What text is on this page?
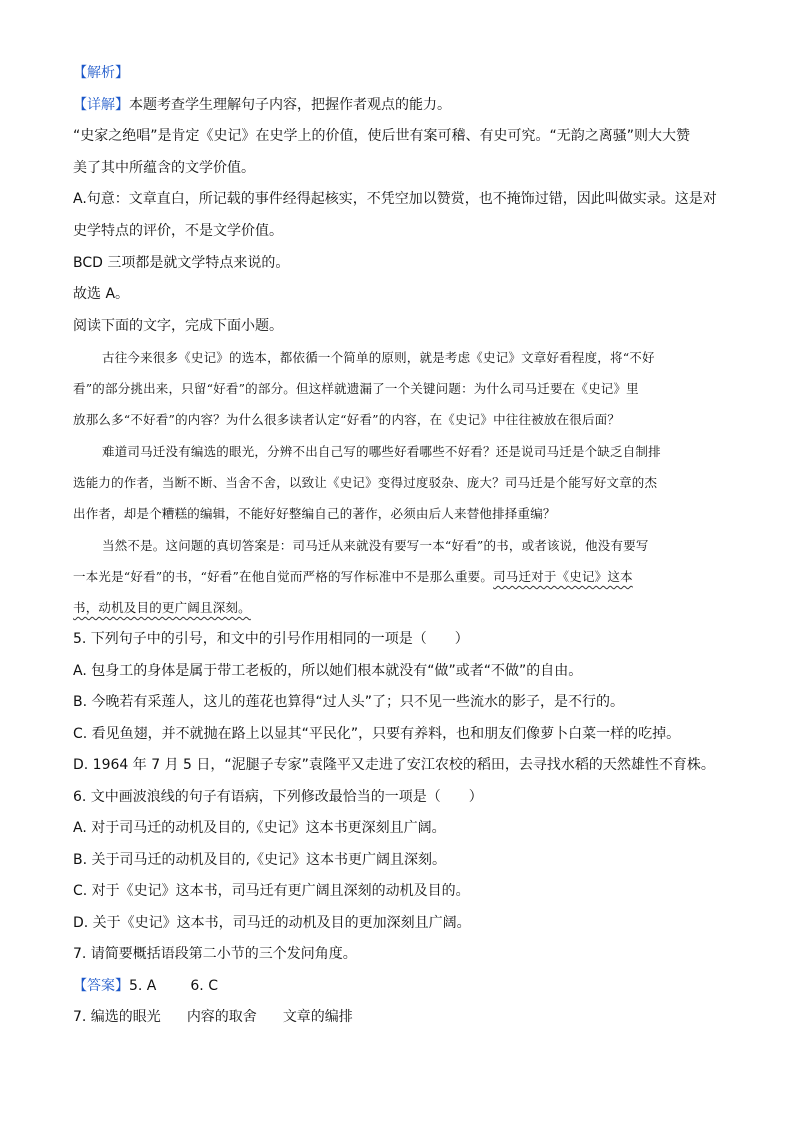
【解析】
【详解】本题考查学生理解句子内容，把握作者观点的能力。
“史家之绝唱”是肯定《史记》在史学上的价值，使后世有案可稽、有史可究。“无韵之离骚”则大大赞
美了其中所蕴含的文学价值。
A.句意：文章直白，所记载的事件经得起核实，不凭空加以赞赏，也不掩饰过错，因此叫做实录。这是对
史学特点的评价，不是文学价值。
BCD 三项都是就文学特点来说的。
故选 A。
阅读下面的文字，完成下面小题。
古往今来很多《史记》的选本，都依循一个简单的原则，就是考虑《史记》文章好看程度，将“不好
看”的部分挑出来，只留“好看”的部分。但这样就遗漏了一个关键问题：为什么司马迁要在《史记》里
放那么多“不好看”的内容？为什么很多读者认定“好看”的内容，在《史记》中往往被放在很后面？
难道司马迁没有编选的眼光，分辨不出自己写的哪些好看哪些不好看？还是说司马迁是个缺乏自制排
选能力的作者，当断不断、当舍不舍，以致让《史记》变得过度驳杂、庞大？司马迁是个能写好文章的杰
出作者，却是个糟糕的编辑，不能好好整编自己的著作，必须由后人来替他排择重编？
当然不是。这问题的真切答案是：司马迁从来就没有要写一本“好看”的书，或者该说，他没有要写
一本光是“好看”的书，“好看”在他自觉而严格的写作标准中不是那么重要。司马迁对于《史记》这本
书，动机及目的更广阔且深刻。
5. 下列句子中的引号，和文中的引号作用相同的一项是（　　）
A. 包身工的身体是属于带工老板的，所以她们根本就没有“做”或者“不做”的自由。
B. 今晚若有采莲人，这儿的莲花也算得“过人头”了；只不见一些流水的影子，是不行的。
C. 看见鱼翅，并不就抛在路上以显其“平民化”，只要有养料，也和朋友们像萝卜白菜一样的吃掉。
D. 1964 年 7 月 5 日，“泥腿子专家”袁隆平又走进了安江农校的稻田，去寻找水稻的天然雄性不育株。
6. 文中画波浪线的句子有语病，下列修改最恰当的一项是（　　）
A. 对于司马迁的动机及目的,《史记》这本书更深刻且广阔。
B. 关于司马迁的动机及目的,《史记》这本书更广阔且深刻。
C. 对于《史记》这本书，司马迁有更广阔且深刻的动机及目的。
D. 关于《史记》这本书，司马迁的动机及目的更加深刻且广阔。
7. 请简要概括语段第二小节的三个发问角度。
【答案】5. A 6. C
7. 编选的眼光 内容的取舍 文章的编排
